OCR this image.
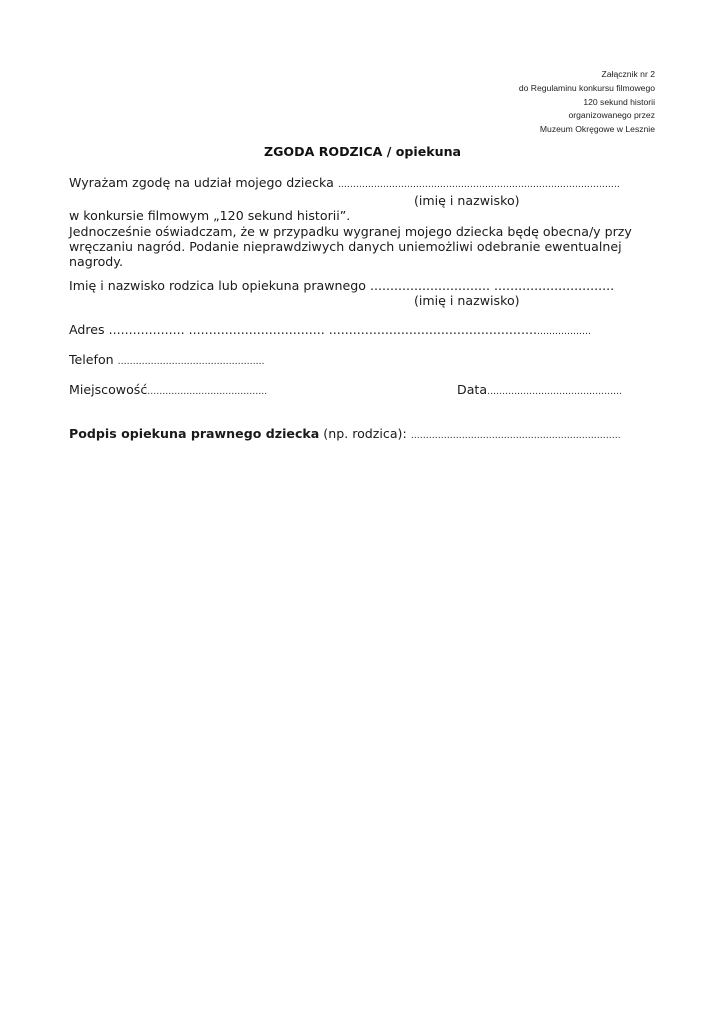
Załącznik nr 2
do Regulaminu konkursu filmowego
120 sekund historii
organizowanego przez
Muzeum Okręgowe w Lesznie
ZGODA RODZICA / opiekuna
Wyrażam zgodę na udział mojego dziecka ………………………………………………………………………………….
(imię i nazwisko)
w konkursie filmowym „120 sekund historii”.
Jednocześnie oświadczam, że w przypadku wygranej mojego dziecka będę obecna/y przy
wręczaniu nagród. Podanie nieprawdziwych danych uniemożliwi odebranie ewentualnej
nagrody.
Imię i nazwisko rodzica lub opiekuna prawnego .............................. ..............................
(imię i nazwisko)
Adres ................... .................................. ....................................................………………
Telefon ………………………………………….
Miejscowość………………………………….	Data………………………………………
Podpis opiekuna prawnego dziecka (np. rodzica): …………………………………………………………….
